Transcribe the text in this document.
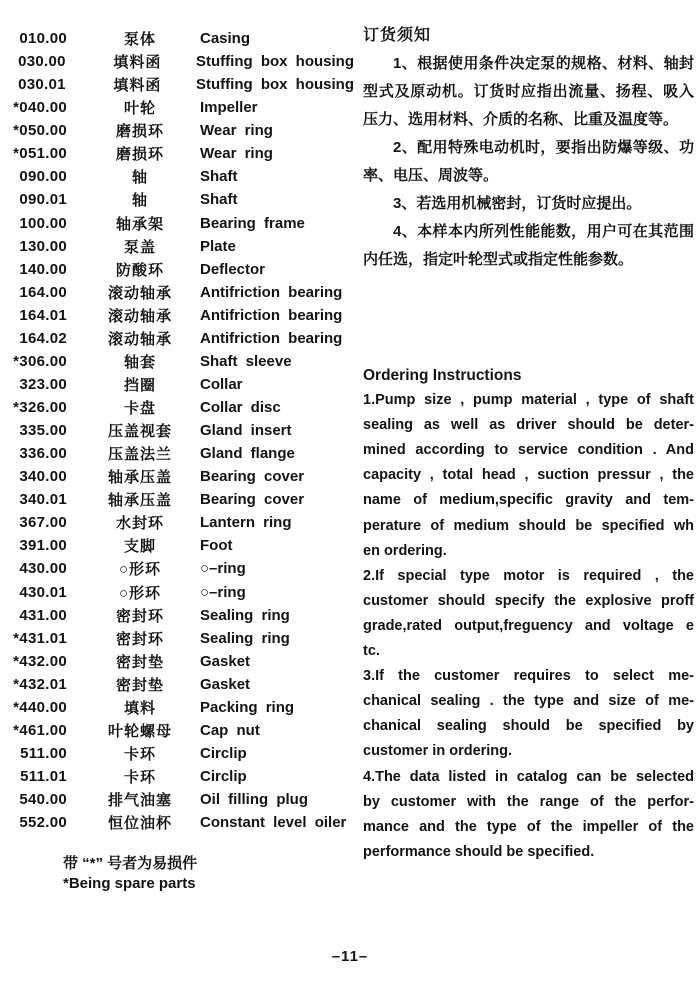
010.00	泵体	Casing
030.00	填料函	Stuffing box housing
030.01	填料函	Stuffing box housing
*040.00	叶轮	Impeller
*050.00	磨损环	Wear ring
*051.00	磨损环	Wear ring
090.00	轴	Shaft
090.01	轴	Shaft
100.00	轴承架	Bearing frame
130.00	泵盖	Plate
140.00	防酸环	Deflector
164.00	滚动轴承	Antifriction bearing
164.01	滚动轴承	Antifriction bearing
164.02	滚动轴承	Antifriction bearing
*306.00	轴套	Shaft sleeve
323.00	挡圈	Collar
*326.00	卡盘	Collar disc
335.00	压盖视套	Gland insert
336.00	压盖法兰	Gland flange
340.00	轴承压盖	Bearing cover
340.01	轴承压盖	Bearing cover
367.00	水封环	Lantern ring
391.00	支脚	Foot
430.00	○形环	○–ring
430.01	○形环	○–ring
431.00	密封环	Sealing ring
*431.01	密封环	Sealing ring
*432.00	密封垫	Gasket
*432.01	密封垫	Gasket
*440.00	填料	Packing ring
*461.00	叶轮螺母	Cap nut
511.00	卡环	Circlip
511.01	卡环	Circlip
540.00	排气油塞	Oil filling plug
552.00	恒位油杯	Constant level oiler
带 “*” 号者为易损件
*Being spare parts
订货须知
1、根据使用条件决定泵的规格、材料、轴封
型式及原动机。订货时应指出流量、扬程、吸入
压力、选用材料、介质的名称、比重及温度等。
2、配用特殊电动机时，要指出防爆等级、功
率、电压、周波等。
3、若选用机械密封，订货时应提出。
4、本样本内所列性能能数，用户可在其范围
内任选，指定叶轮型式或指定性能参数。
Ordering Instructions
1.Pump size , pump material , type of shaft
sealing as well as driver should be deter-
mined according to service condition . And
capacity , total head , suction pressur , the
name of medium,specific gravity and tem-
perature of medium should be specified wh
en ordering.
2.If special type motor is required , the
customer should specify the explosive proff
grade,rated output,freguency and voltage e
tc.
3.If the customer requires to select me-
chanical sealing . the type and size of me-
chanical sealing should be specified by
customer in ordering.
4.The data listed in catalog can be selected
by customer with the range of the perfor-
mance and the type of the impeller of the
performance should be specified.
–11–
